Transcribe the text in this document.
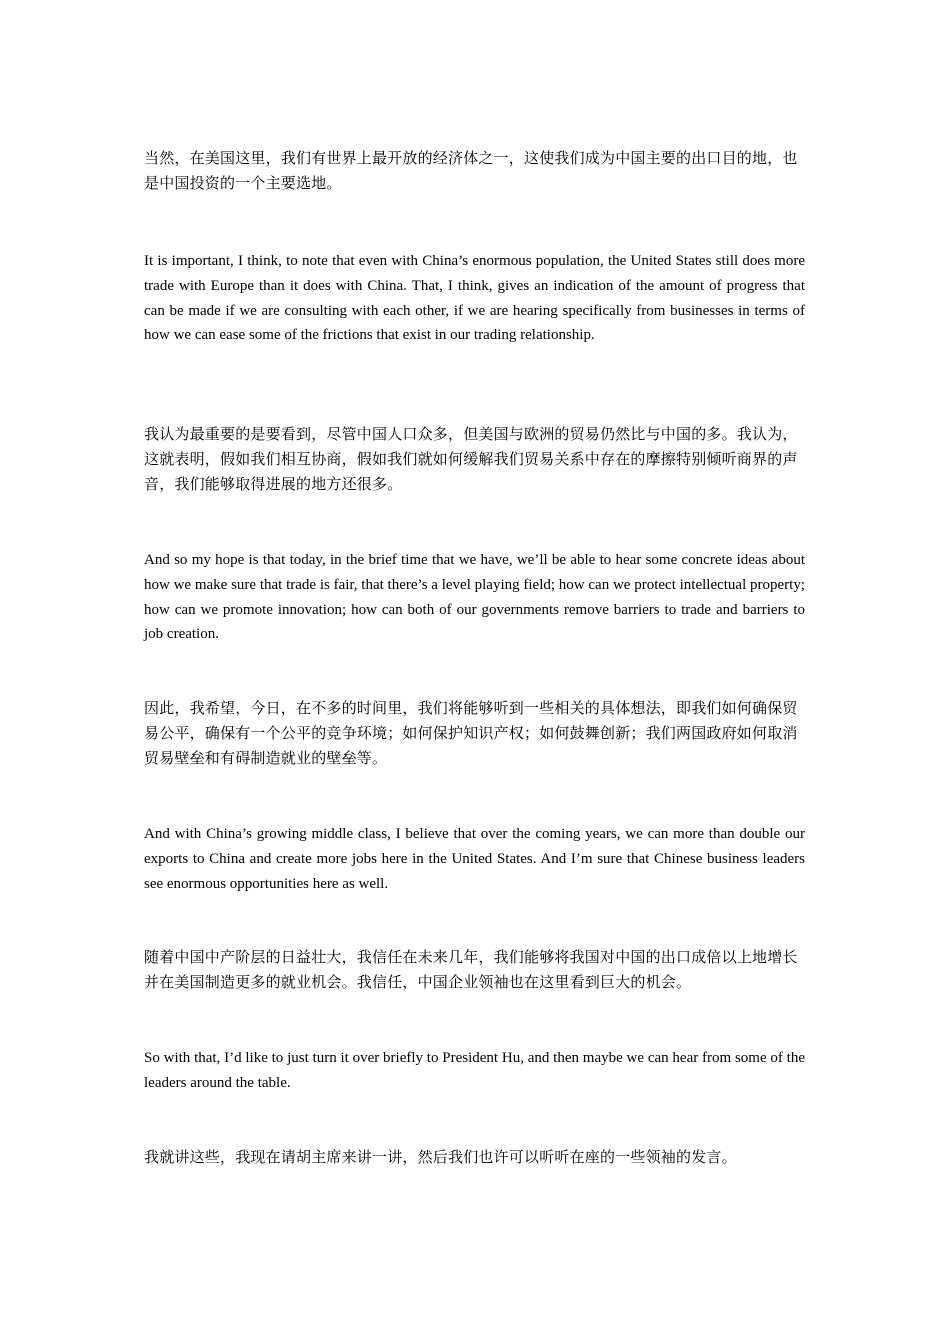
当然，在美国这里，我们有世界上最开放的经济体之一，这使我们成为中国主要的出口目的地，也是中国投资的一个主要选地。

It is important, I think, to note that even with China’s enormous population, the United States still does more trade with Europe than it does with China. That, I think, gives an indication of the amount of progress that can be made if we are consulting with each other, if we are hearing specifically from businesses in terms of how we can ease some of the frictions that exist in our trading relationship.

我认为最重要的是要看到，尽管中国人口众多，但美国与欧洲的贸易仍然比与中国的多。我认为，这就表明，假如我们相互协商，假如我们就如何缓解我们贸易关系中存在的摩擦特别倾听商界的声音，我们能够取得进展的地方还很多。

And so my hope is that today, in the brief time that we have, we’ll be able to hear some concrete ideas about how we make sure that trade is fair, that there’s a level playing field; how can we protect intellectual property; how can we promote innovation; how can both of our governments remove barriers to trade and barriers to job creation.

因此，我希望，今日，在不多的时间里，我们将能够听到一些相关的具体想法，即我们如何确保贸易公平，确保有一个公平的竞争环境；如何保护知识产权；如何鼓舞创新；我们两国政府如何取消贸易壁垒和有碍制造就业的壁垒等。

And with China’s growing middle class, I believe that over the coming years, we can more than double our exports to China and create more jobs here in the United States. And I’m sure that Chinese business leaders see enormous opportunities here as well.

随着中国中产阶层的日益壮大，我信任在未来几年，我们能够将我国对中国的出口成倍以上地增长并在美国制造更多的就业机会。我信任，中国企业领袖也在这里看到巨大的机会。

So with that, I’d like to just turn it over briefly to President Hu, and then maybe we can hear from some of the leaders around the table.

我就讲这些，我现在请胡主席来讲一讲，然后我们也许可以听听在座的一些领袖的发言。
